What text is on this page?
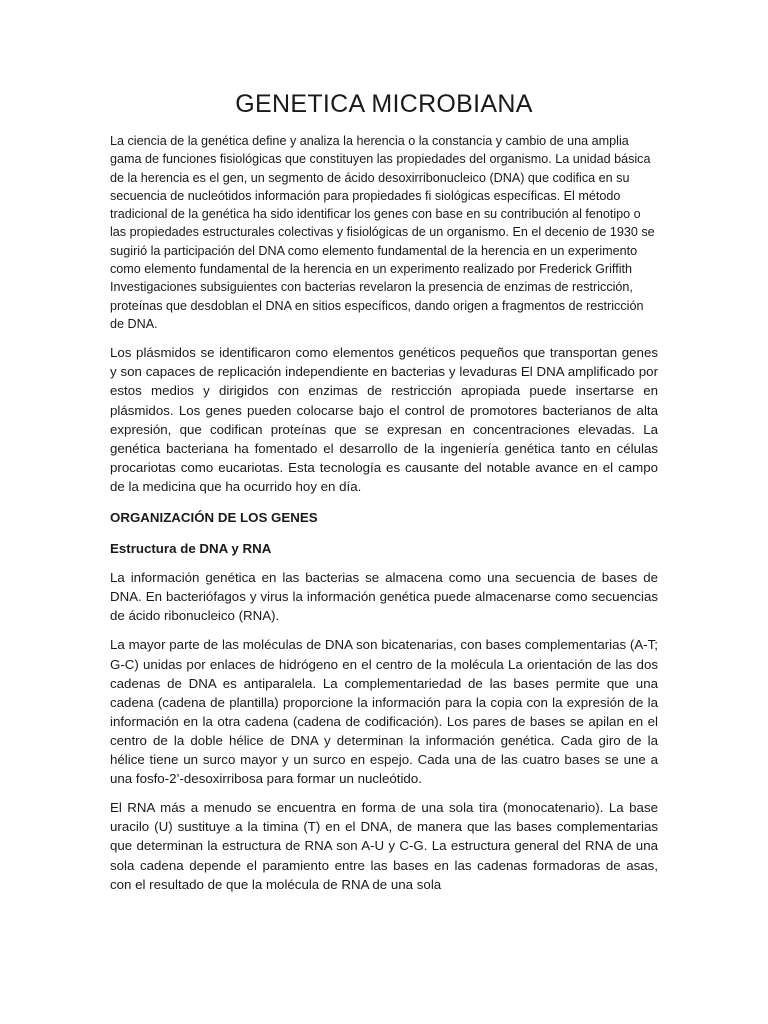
GENETICA MICROBIANA

La ciencia de la genética define y analiza la herencia o la constancia y cambio de una amplia gama de funciones fisiológicas que constituyen las propiedades del organismo. La unidad básica de la herencia es el gen, un segmento de ácido desoxirribonucleico (DNA) que codifica en su secuencia de nucleótidos información para propiedades fi siológicas específicas. El método tradicional de la genética ha sido identificar los genes con base en su contribución al fenotipo o las propiedades estructurales colectivas y fisiológicas de un organismo. En el decenio de 1930 se sugirió la participación del DNA como elemento fundamental de la herencia en un experimento como elemento fundamental de la herencia en un experimento realizado por Frederick Griffith Investigaciones subsiguientes con bacterias revelaron la presencia de enzimas de restricción, proteínas que desdoblan el DNA en sitios específicos, dando origen a fragmentos de restricción de DNA.

Los plásmidos se identificaron como elementos genéticos pequeños que transportan genes y son capaces de replicación independiente en bacterias y levaduras El DNA amplificado por estos medios y dirigidos con enzimas de restricción apropiada puede insertarse en plásmidos. Los genes pueden colocarse bajo el control de promotores bacterianos de alta expresión, que codifican proteínas que se expresan en concentraciones elevadas. La genética bacteriana ha fomentado el desarrollo de la ingeniería genética tanto en células procariotas como eucariotas. Esta tecnología es causante del notable avance en el campo de la medicina que ha ocurrido hoy en día.

ORGANIZACIÓN DE LOS GENES

Estructura de DNA y RNA

La información genética en las bacterias se almacena como una secuencia de bases de DNA. En bacteriófagos y virus la información genética puede almacenarse como secuencias de ácido ribonucleico (RNA).

La mayor parte de las moléculas de DNA son bicatenarias, con bases complementarias (A-T; G-C) unidas por enlaces de hidrógeno en el centro de la molécula La orientación de las dos cadenas de DNA es antiparalela. La complementariedad de las bases permite que una cadena (cadena de plantilla) proporcione la información para la copia con la expresión de la información en la otra cadena (cadena de codificación). Los pares de bases se apilan en el centro de la doble hélice de DNA y determinan la información genética. Cada giro de la hélice tiene un surco mayor y un surco en espejo. Cada una de las cuatro bases se une a una fosfo-2’-desoxirribosa para formar un nucleótido.

El RNA más a menudo se encuentra en forma de una sola tira (monocatenario). La base uracilo (U) sustituye a la timina (T) en el DNA, de manera que las bases complementarias que determinan la estructura de RNA son A-U y C-G. La estructura general del RNA de una sola cadena depende el paramiento entre las bases en las cadenas formadoras de asas, con el resultado de que la molécula de RNA de una sola
